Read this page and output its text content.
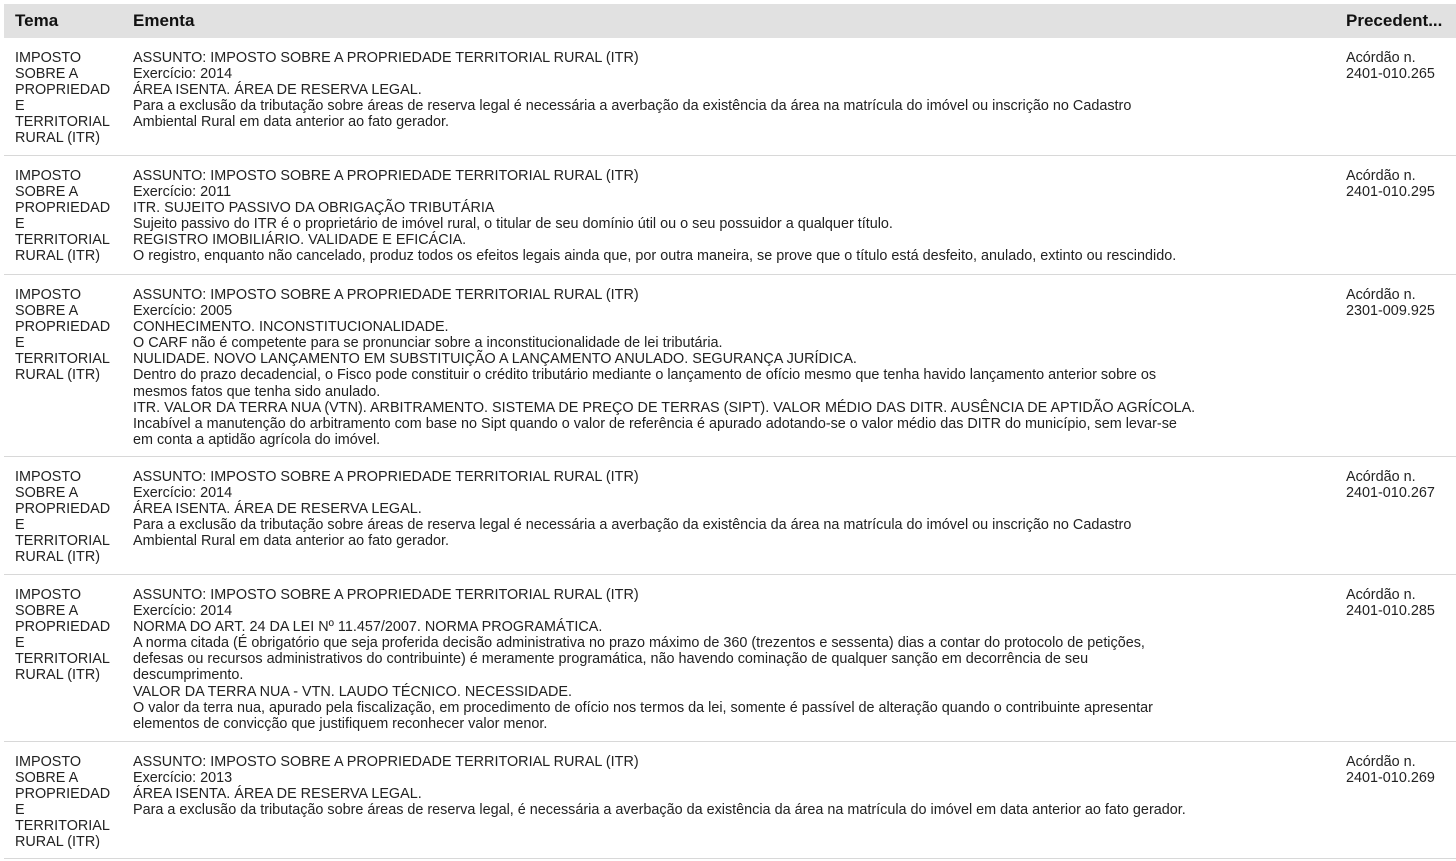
Tema	Ementa	Precedent...
IMPOSTO
SOBRE A
PROPRIEDAD
E
TERRITORIAL
RURAL (ITR)
ASSUNTO: IMPOSTO SOBRE A PROPRIEDADE TERRITORIAL RURAL (ITR)
Exercício: 2014
ÁREA ISENTA. ÁREA DE RESERVA LEGAL.
Para a exclusão da tributação sobre áreas de reserva legal é necessária a averbação da existência da área na matrícula do imóvel ou inscrição no Cadastro
Ambiental Rural em data anterior ao fato gerador.
Acórdão n.
2401-010.265
IMPOSTO
SOBRE A
PROPRIEDAD
E
TERRITORIAL
RURAL (ITR)
ASSUNTO: IMPOSTO SOBRE A PROPRIEDADE TERRITORIAL RURAL (ITR)
Exercício: 2011
ITR. SUJEITO PASSIVO DA OBRIGAÇÃO TRIBUTÁRIA
Sujeito passivo do ITR é o proprietário de imóvel rural, o titular de seu domínio útil ou o seu possuidor a qualquer título.
REGISTRO IMOBILIÁRIO. VALIDADE E EFICÁCIA.
O registro, enquanto não cancelado, produz todos os efeitos legais ainda que, por outra maneira, se prove que o título está desfeito, anulado, extinto ou rescindido.
Acórdão n.
2401-010.295
IMPOSTO
SOBRE A
PROPRIEDAD
E
TERRITORIAL
RURAL (ITR)
ASSUNTO: IMPOSTO SOBRE A PROPRIEDADE TERRITORIAL RURAL (ITR)
Exercício: 2005
CONHECIMENTO. INCONSTITUCIONALIDADE.
O CARF não é competente para se pronunciar sobre a inconstitucionalidade de lei tributária.
NULIDADE. NOVO LANÇAMENTO EM SUBSTITUIÇÃO A LANÇAMENTO ANULADO. SEGURANÇA JURÍDICA.
Dentro do prazo decadencial, o Fisco pode constituir o crédito tributário mediante o lançamento de ofício mesmo que tenha havido lançamento anterior sobre os
mesmos fatos que tenha sido anulado.
ITR. VALOR DA TERRA NUA (VTN). ARBITRAMENTO. SISTEMA DE PREÇO DE TERRAS (SIPT). VALOR MÉDIO DAS DITR. AUSÊNCIA DE APTIDÃO AGRÍCOLA.
Incabível a manutenção do arbitramento com base no Sipt quando o valor de referência é apurado adotando-se o valor médio das DITR do município, sem levar-se
em conta a aptidão agrícola do imóvel.
Acórdão n.
2301-009.925
IMPOSTO
SOBRE A
PROPRIEDAD
E
TERRITORIAL
RURAL (ITR)
ASSUNTO: IMPOSTO SOBRE A PROPRIEDADE TERRITORIAL RURAL (ITR)
Exercício: 2014
ÁREA ISENTA. ÁREA DE RESERVA LEGAL.
Para a exclusão da tributação sobre áreas de reserva legal é necessária a averbação da existência da área na matrícula do imóvel ou inscrição no Cadastro
Ambiental Rural em data anterior ao fato gerador.
Acórdão n.
2401-010.267
IMPOSTO
SOBRE A
PROPRIEDAD
E
TERRITORIAL
RURAL (ITR)
ASSUNTO: IMPOSTO SOBRE A PROPRIEDADE TERRITORIAL RURAL (ITR)
Exercício: 2014
NORMA DO ART. 24 DA LEI Nº 11.457/2007. NORMA PROGRAMÁTICA.
A norma citada (É obrigatório que seja proferida decisão administrativa no prazo máximo de 360 (trezentos e sessenta) dias a contar do protocolo de petições,
defesas ou recursos administrativos do contribuinte) é meramente programática, não havendo cominação de qualquer sanção em decorrência de seu
descumprimento.
VALOR DA TERRA NUA - VTN. LAUDO TÉCNICO. NECESSIDADE.
O valor da terra nua, apurado pela fiscalização, em procedimento de ofício nos termos da lei, somente é passível de alteração quando o contribuinte apresentar
elementos de convicção que justifiquem reconhecer valor menor.
Acórdão n.
2401-010.285
IMPOSTO
SOBRE A
PROPRIEDAD
E
TERRITORIAL
RURAL (ITR)
ASSUNTO: IMPOSTO SOBRE A PROPRIEDADE TERRITORIAL RURAL (ITR)
Exercício: 2013
ÁREA ISENTA. ÁREA DE RESERVA LEGAL.
Para a exclusão da tributação sobre áreas de reserva legal, é necessária a averbação da existência da área na matrícula do imóvel em data anterior ao fato gerador.
Acórdão n.
2401-010.269
